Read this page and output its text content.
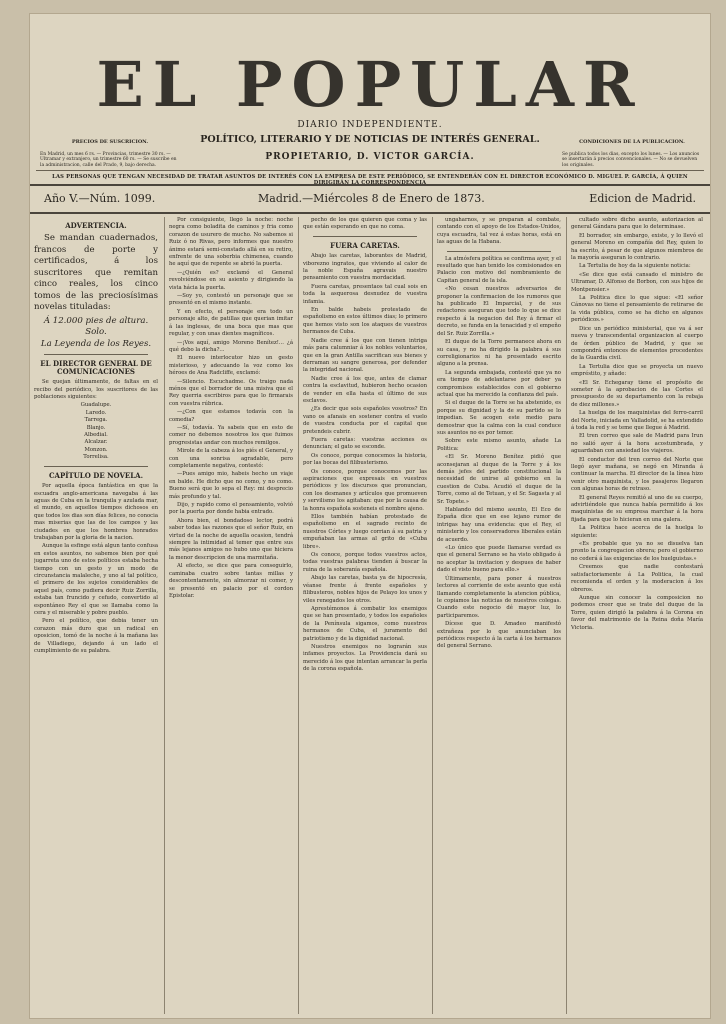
PRECIOS DE SUSCRICION.
En Madrid, un mes 6 rs. — Provincias, trimestre 30 rs. — Ultramar y extranjero, un trimestre 60 rs. — Se suscribe en la administracion, calle del Prado, 9, bajo derecha.
CONDICIONES DE LA PUBLICACION.
Se publica todos los dias, excepto los lunes. — Los anuncios se insertarán á precios convencionales. — No se devuelven los originales.
EL POPULAR
DIARIO INDEPENDIENTE.
POLÍTICO, LITERARIO Y DE NOTICIAS DE INTERÉS GENERAL.
PROPIETARIO, D. VICTOR GARCÍA.
LAS PERSONAS QUE TENGAN NECESIDAD DE TRATAR ASUNTOS DE INTERÉS CON LA EMPRESA DE ESTE PERIÓDICO, SE ENTENDERÁN CON EL DIRECTOR ECONÓMICO D. MIGUEL P. GARCÍA, Á QUIEN DIRIGIRÁN LA CORRESPONDENCIA
Año V.—Núm. 1099.	Madrid.—Miércoles 8 de Enero de 1873.	Edicion de Madrid.
ADVERTENCIA.

Se mandan cuadernados, francos de porte y certificados, á los suscritores que remitan cinco reales, los cinco tomos de las preciosísimas novelas tituladas:

Á 12.000 pies de altura.
Solo.
La Leyenda de los Reyes.
EL DIRECTOR GENERAL DE COMUNICACIONES

Se quejan últimamente, de faltas en el recibo del periódico, los suscritores de las poblaciones siguientes:

Guadalupe.
Laredo.
Tarrega.
Blanjo.
Albedial.
Alcalzar.
Monzon.
Torrelisa.
CAPÍTULO DE NOVELA.

Por aquella época fantástica en que la escuadra anglo-americana navegaba á las aguas de Cuba en la tranquila y azulada mar, el mundo, en aquellos tiempos dichosos en que todos los dias son días felices, no conocia mas miserias que las de los campos y las ciudades en que los hombres honrados trabajaban por la gloria de la nacion.

Aunque la esfinge está algun tanto confusa en estos asuntos, no sabemos bien por qué jugarreta uno de estos políticos estaba hecha tiempo con un gesto y un modo de circunstancia malaleche, y uno al tal político, el primero de los sujetos considerables de aquel país, como pudiera decir Ruiz Zorrilla, estaba tan fruncido y cefudo, convertido al espontáneo Rey el que se llamaba como la cera y el miserable y pobre pueblo.

Pero el político, que debia tener un corazon más duro que un radical en oposicion, tomó de la noche á la mañana las de Villadiego, dejando á un lado el cumplimiento de su palabra.

Por consiguiente, llegó la noche: noche negra como boladita de caminos y fria como corazon de usurero de mucho. No sabemos si Ruiz ó no Rivas, pero informes que nuestro ánimo estará semi-constado allá en su retiro, enfrente de una soberbia chimenea, cuando he aquí que de repente se abrió la puerta.

—¿Quién es? exclamó el General revolviéndose en su asiento y dirigiendo la vista hácia la puerta.

—Soy yo, contestó un personaje que se presentó en el mismo instante.

Y en efecto, el personaje era todo un personaje alto, de patillas que querian imitar á las inglesas, de una boca que mas que regular, y con unas dientes magníficos.

—¡Vos aquí, amigo Moreno Benítez!... ¿á qué debo la dicha?...

El nuevo interlocutor hizo un gesto misterioso, y adecuando la voz como los héroes de Ana Radcliffe, exclamó:

—Silencio. Escuchadme. Os traigo nada ménos que el borrador de una misiva que el Rey querria escribiros para que lo firmarais con vuestra rúbrica.

—¿Con que estamos todavía con la comedia?

—Sí, todavía. Ya sabeis que en esto de comer no debemos nosotros los que fuimos progresistas andar con muchos remilgos.

Mirole de la cabeza á los piés el General, y con una sonrisa agradable, pero completamente negativa, contestó:

—Pues amigo mio, habeis hecho un viaje en balde. He dicho que no como, y no como. Bueno será que lo sepa el Rey: mi desprecio más profundo y tal.

Dijo, y rapido como el pensamiento, volvió por la puerta por donde habia entrado.

Ahora bien, el bondadoso lector, podrá saber todas las razones que el señor Ruiz, en virtud de la noche de aquella ocasion, tendrá siempre la intimidad al temer que entre sus más lejanos amigos no hubo uno que hiciera la menor descripcion de una marmitaña.

Al efecto, se dice que para conseguirlo, caminaba cuatro sobre tantas millas y descontentamente, sin almorzar ni comer, y se presentó en palacio por el cordon Epistolar.

pecho de los que quieren que coma y las que están esperando en que no coma.

FUERA CARETAS.

Abajo las caretas, laborantes de Madrid, viborezno ingratos, que viviendo al calor de la noble España agravais nuestro pensamiento con vuestra mordacidad.

Fuera caretas, presentaos tal cual sois en toda la asquerosa desnudez de vuestra infamia.

En balde habeis protestado de españolismo en estos últimos dias; lo primero que hemos visto son los ataques de vuestros hermanos de Cuba.

Nadie cree á los que con tienen intriga más para calumniar á los nobles voluntarios, que en la gran Antilla sacrifican sus bienes y derraman su sangre generosa, por defender la integridad nacional.

Nadie cree á los que, antes de clamar contra la esclavitud, hubieron hecho ocasion de vender en ella hasta el último de sus esclavos.

¿Es decir que sois españoles vosotros? En vano os afanais en sostener contra el vuelo de vuestra conducta por el capital que pretendeis cubrir.

Fuera caretas: vuestras acciones os denuncian; el gato se esconde.

Os conoce, porque conocemos la historia, por las bocas del filibusterismo.

Os conoce, porque conocemos por las aspiraciones que expresais en vuestros periódicos y los discursos que pronuncian, con los desmanes y artículos que promueven y servilismo los agitaban: que por la causa de la honra española sosteneis el nombre ajeno.

Ellos también habían protestado de españolismo en el sagrado recinto de nuestros Córtes y luego corrian á su patria y empuñaban las armas al grito de «Cuba libre».

Os conoce, porque todos vuestros actos, todas vuestras palabras tienden á buscar la ruina de la soberanía española.

Abajo las caretas, basta ya de hipocresía, véanse frente á frente españoles y filibusteros, nobles hijos de Pelayo los unos y viles renegados los otros.

Aprestémonos á combatir los enemigos que se han presentado, y todos los españoles de la Península sigamos, como nuestros hermanos de Cuba, el juramento del patriotismo y de la dignidad nacional.

Nuestros enemigos no lograrán sus infames proyectos. La Providencia dará su merecido á los que intentan arrancar la perla de la corona española.

ungaharnos, y se preparan al combate, contando con el apoyo de los Estados-Unidos, cuya escuadra, tal vez á estas horas, está en las aguas de la Habana.

La atmósfera política se confirma ayer, y el resultado que han tenido los comisionados en Palacio con motivo del nombramiento de Capitan general de la isla.

«No cesan nuestros adversarios de proponer la confirmacion de los rumores que ha publicado El Imparcial, y de sus redactores aseguran que todo lo que se dice respecto á la negacion del Rey á firmar el decreto, se funda en la tenacidad y el empeño del Sr. Ruiz Zorrilla.»

El duque de la Torre permanece ahora en su casa, y no ha dirigido la palabra á sus correligionarios ni ha presentado escrito alguno a la prensa.

La segunda embajada, contestó que ya no era tiempo de adelantarse por deber ya compromisos establecidos con el gobierno actual que ha merecido la confianza del país.

Si el duque de la Torre se ha abstenido, es porque su dignidad y la de su partido se lo impedian. Se acogen este medio para demostrar que la calma con la cual conduce sus asuntos no es por temor.

Sobre este mismo asunto, añade La Politica:

«El Sr. Moreno Benítez pidió que aconsejaran al duque de la Torre y á los demás jefes del partido constitucional la necesidad de unirse al gobierno en la cuestion de Cuba. Acudió el duque de la Torre, como al de Tetuan, y el Sr. Sagasta y al Sr. Topete.»

Hablando del mismo asunto, El Eco de España dice que en ese lejano rumor de intrigas hay una evidencia: que el Rey, el ministerio y los conservadores liberales están de acuerdo.

«Lo único que puede llamarse verdad es que el general Serrano se ha visto obligado á no aceptar la invitacion y despues de haber dado el visto bueno para ello.»

Últimamente, para poner á nuestros lectores al corriente de este asunto que está llamando completamente la atencion pública, le copiamos las noticias de nuestros colegas. Cuando este negocio dé mayor luz, lo participaremos.

Dícese que D. Amadeo manifestó extrañeza por lo que anunciaban los periódicos respecto á la carta á los hermanos del general Serrano.

cultado sobre dicho asunto, autorizacion al general Gándara para que lo determinase.

El borrador, sin embargo, existe, y lo llevó el general Moreno en compañía del Rey, quien lo ha escrito, á pesar de que algunos miembros de la mayoría aseguran lo contrario.

La Tertulia de hoy da la siguiente noticia:

«Se dice que está cansado el ministro de Ultramar, D. Alfonso de Borbon, con sus hijos de Montpensier.»

La Politica dice lo que sigue: «El señor Cánovas no tiene el pensamiento de retirarse de la vida pública, como se ha dicho en algunos periódicos.»

Dice un periódico ministerial, que va á ser nueva y transcendental organizacion al cuerpo de órden público de Madrid, y que se compondrá entonces de elementos procedentes de la Guardia civil.

La Tertulia dice que se proyecta un nuevo empréstito, y añade:

«El Sr. Echegaray tiene el propósito de someter á la aprobacion de las Cortes el presupuesto de su departamento con la rebaja de diez millones.»

La huelga de los maquinistas del ferro-carril del Norte, iniciada en Valladolid, se ha extendido á toda la red y se teme que llegue á Madrid.

El tren correo que sale de Madrid para Irun no salió ayer á la hora acostumbrada, y aguardaban con ansiedad los viajeros.

El conductor del tren correo del Norte que llegó ayer mañana, se negó en Miranda á continuar la marcha. El director de la línea hizo venir otro maquinista, y los pasajeros llegaron con algunas horas de retraso.

El general Reyes remitió al uno de su cuerpo, advirtiéndole que nunca había permitido á los maquinistas de su empresa marchar á la hora fijada para que lo hicieran en una galera.

La Politica hace acerca de la huelga lo siguiente:

«Es probable que ya no se disuelva tan pronto la congregacion obrera; pero el gobierno no cederá á las exigencias de los huelguistas.»

Creemos que nadie contestará satisfactoriamente á La Politica, la cual recomienda el orden y la moderacion á los obreros.

Aunque sin conocer la composicion no podemos creer que se trate del duque de la Torre, quien dirigió la palabra á la Corona en favor del matrimonio de la Reina doña María Victoria.
